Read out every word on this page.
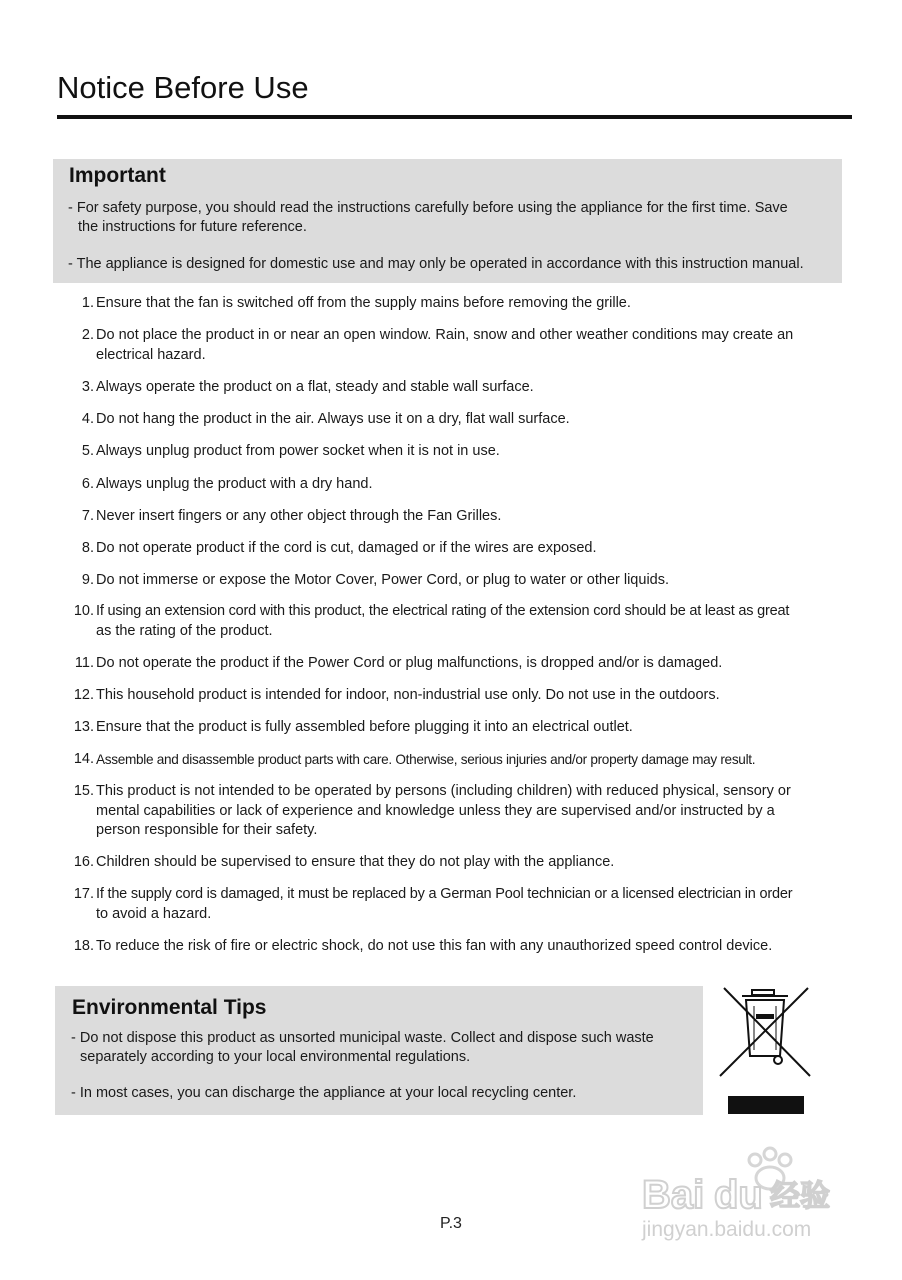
Notice Before Use
Important
- For safety purpose, you should read the instructions carefully before using the appliance for the first time. Save
the instructions for future reference.
- The appliance is designed for domestic use and may only be operated in accordance with this instruction manual.
1. Ensure that the fan is switched off from the supply mains before removing the grille.
2. Do not place the product in or near an open window. Rain, snow and other weather conditions may create an
electrical hazard.
3. Always operate the product on a flat, steady and stable wall surface.
4. Do not hang the product in the air. Always use it on a dry, flat wall surface.
5. Always unplug product from power socket when it is not in use.
6. Always unplug the product with a dry hand.
7. Never insert fingers or any other object through the Fan Grilles.
8. Do not operate product if the cord is cut, damaged or if the wires are exposed.
9. Do not immerse or expose the Motor Cover, Power Cord, or plug to water or other liquids.
10. If using an extension cord with this product, the electrical rating of the extension cord should be at least as great
as the rating of the product.
11. Do not operate the product if the Power Cord or plug malfunctions, is dropped and/or is damaged.
12. This household product is intended for indoor, non-industrial use only. Do not use in the outdoors.
13. Ensure that the product is fully assembled before plugging it into an electrical outlet.
14. Assemble and disassemble product parts with care. Otherwise, serious injuries and/or property damage may result.
15. This product is not intended to be operated by persons (including children) with reduced physical, sensory or
mental capabilities or lack of experience and knowledge unless they are supervised and/or instructed by a
person responsible for their safety.
16. Children should be supervised to ensure that they do not play with the appliance.
17. If the supply cord is damaged, it must be replaced by a German Pool technician or a licensed electrician in order
to avoid a hazard.
18. To reduce the risk of fire or electric shock, do not use this fan with any unauthorized speed control device.
Environmental Tips
- Do not dispose this product as unsorted municipal waste. Collect and dispose such waste
separately according to your local environmental regulations.
- In most cases, you can discharge the appliance at your local recycling center.
Bai du 经验
jingyan.baidu.com
P.3
